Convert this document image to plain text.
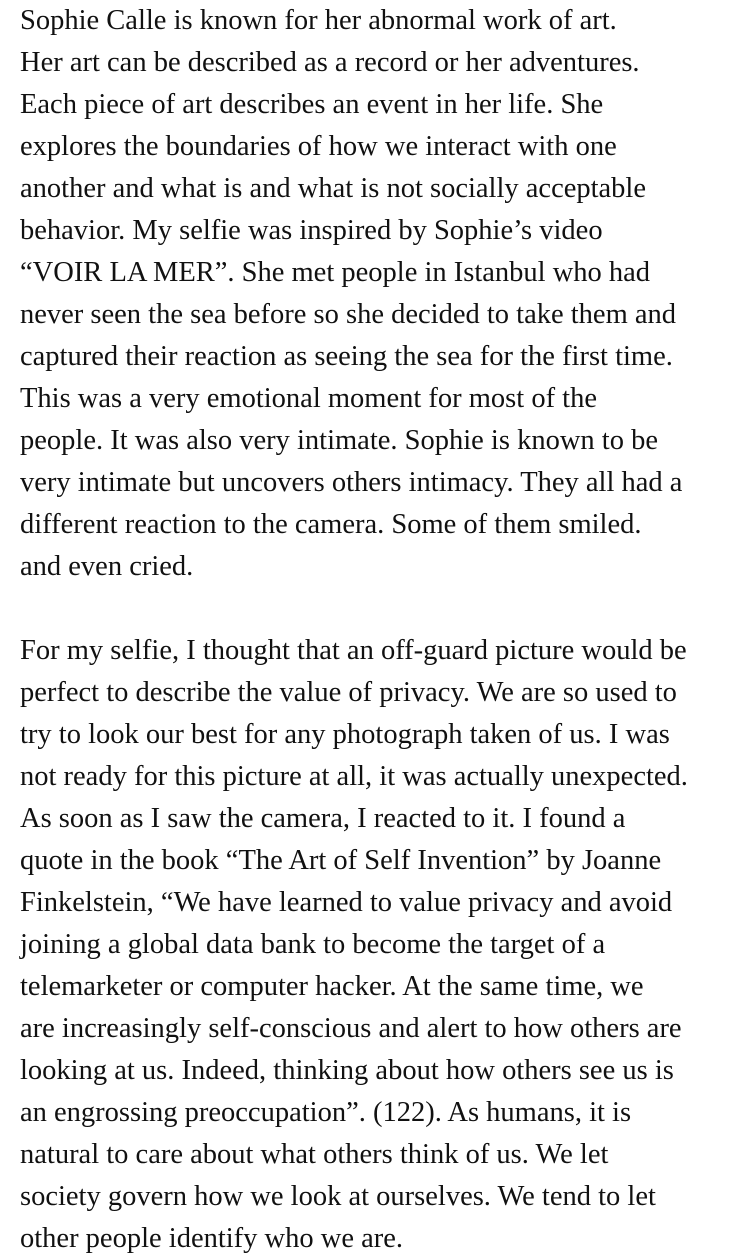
Sophie Calle is known for her abnormal work of art.
Her art can be described as a record or her adventures.
Each piece of art describes an event in her life. She
explores the boundaries of how we interact with one
another and what is and what is not socially acceptable
behavior. My selfie was inspired by Sophie’s video
“VOIR LA MER”. She met people in Istanbul who had
never seen the sea before so she decided to take them and
captured their reaction as seeing the sea for the first time.
This was a very emotional moment for most of the
people. It was also very intimate. Sophie is known to be
very intimate but uncovers others intimacy. They all had a
different reaction to the camera. Some of them smiled.
and even cried.
For my selfie, I thought that an off-guard picture would be
perfect to describe the value of privacy. We are so used to
try to look our best for any photograph taken of us. I was
not ready for this picture at all, it was actually unexpected.
As soon as I saw the camera, I reacted to it. I found a
quote in the book “The Art of Self Invention” by Joanne
Finkelstein, “We have learned to value privacy and avoid
joining a global data bank to become the target of a
telemarketer or computer hacker. At the same time, we
are increasingly self-conscious and alert to how others are
looking at us. Indeed, thinking about how others see us is
an engrossing preoccupation”. (122). As humans, it is
natural to care about what others think of us. We let
society govern how we look at ourselves. We tend to let
other people identify who we are.
